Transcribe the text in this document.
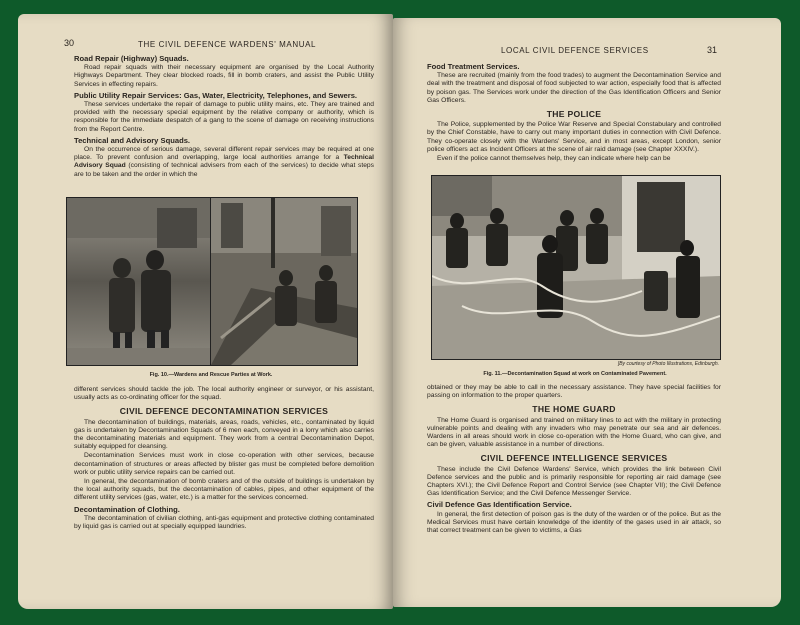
30	THE CIVIL DEFENCE WARDENS' MANUAL
Road Repair (Highway) Squads.

Road repair squads with their necessary equipment are organised by the Local Authority Highways Department. They clear blocked roads, fill in bomb craters, and assist the Public Utility Services in effecting repairs.

Public Utility Repair Services: Gas, Water, Electricity, Telephones, and Sewers.

These services undertake the repair of damage to public utility mains, etc. They are trained and provided with the necessary special equipment by the relative company or authority, which is responsible for the immediate despatch of a gang to the scene of damage on receiving instructions from the Report Centre.

Technical and Advisory Squads.

On the occurrence of serious damage, several different repair services may be required at one place. To prevent confusion and overlapping, large local authorities arrange for a Technical Advisory Squad (consisting of technical advisers from each of the services) to decide what steps are to be taken and the order in which the

Fig. 10.—Wardens and Rescue Parties at Work.

different services should tackle the job. The local authority engineer or surveyor, or his assistant, usually acts as co-ordinating officer for the squad.

CIVIL DEFENCE DECONTAMINATION SERVICES

The decontamination of buildings, materials, areas, roads, vehicles, etc., contaminated by liquid gas is undertaken by Decontamination Squads of 6 men each, conveyed in a lorry which also carries the decontaminating materials and equipment. They work from a central Decontamination Depot, suitably equipped for cleansing.

Decontamination Services must work in close co-operation with other services, because decontamination of structures or areas affected by blister gas must be completed before demolition work or public utility service repairs can be carried out.

In general, the decontamination of bomb craters and of the outside of buildings is undertaken by the local authority squads, but the decontamination of cables, pipes, and other equipment of the different utility services (gas, water, etc.) is a matter for the services concerned.

Decontamination of Clothing.

The decontamination of civilian clothing, anti-gas equipment and protective clothing contaminated by liquid gas is carried out at specially equipped laundries.

LOCAL CIVIL DEFENCE SERVICES	31
Food Treatment Services.

These are recruited (mainly from the food trades) to augment the Decontamination Service and deal with the treatment and disposal of food subjected to war action, especially food that is affected by poison gas. The Services work under the direction of the Gas Identification Officers and Senior Gas Officers.

THE POLICE

The Police, supplemented by the Police War Reserve and Special Constabulary and controlled by the Chief Constable, have to carry out many important duties in connection with Civil Defence. They co-operate closely with the Wardens' Service, and in most areas, except London, senior police officers act as Incident Officers at the scene of air raid damage (see Chapter XXXIV.).

Even if the police cannot themselves help, they can indicate where help can be

[By courtesy of Photo Illustrations, Edinburgh.
Fig. 11.—Decontamination Squad at work on Contaminated Pavement.

obtained or they may be able to call in the necessary assistance. They have special facilities for passing on information to the proper quarters.

THE HOME GUARD

The Home Guard is organised and trained on military lines to act with the military in protecting vulnerable points and dealing with any invaders who may penetrate our sea and air defences. Wardens in all areas should work in close co-operation with the Home Guard, who can give, and can be given, valuable assistance in a number of directions.

CIVIL DEFENCE INTELLIGENCE SERVICES

These include the Civil Defence Wardens' Service, which provides the link between Civil Defence services and the public and is primarily responsible for reporting air raid damage (see Chapters XVI.); the Civil Defence Report and Control Service (see Chapter VII); the Civil Defence Gas Identification Service; and the Civil Defence Messenger Service.

Civil Defence Gas Identification Service.

In general, the first detection of poison gas is the duty of the warden or of the police. But as the Medical Services must have certain knowledge of the identity of the gases used in air attack, so that correct treatment can be given to victims, a Gas
